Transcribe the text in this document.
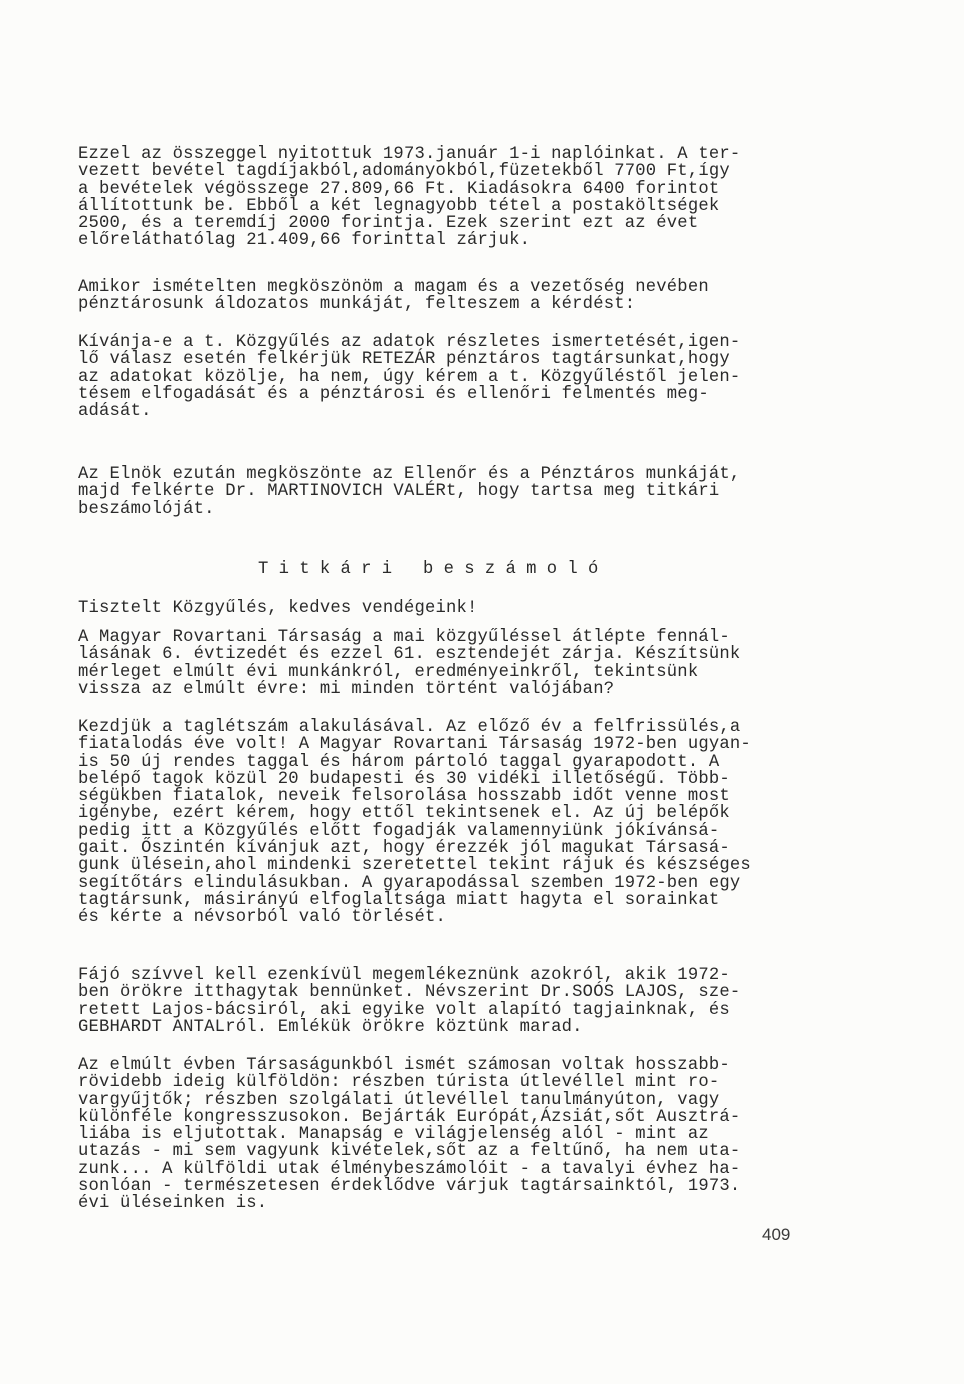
Ezzel az összeggel nyitottuk 1973.január 1-i naplóinkat. A ter-
vezett bevétel tagdíjakból,adományokból,füzetekből 7700 Ft,így
a bevételek végösszege 27.809,66 Ft. Kiadásokra 6400 forintot
állítottunk be. Ebből a két legnagyobb tétel a postaköltségek
2500, és a teremdíj 2000 forintja. Ezek szerint ezt az évet
előreláthatólag 21.409,66 forinttal zárjuk.
Amikor ismételten megköszönöm a magam és a vezetőség nevében
pénztárosunk áldozatos munkáját, felteszem a kérdést:
Kívánja-e a t. Közgyűlés az adatok részletes ismertetését,igen-
lő válasz esetén felkérjük RETEZÁR pénztáros tagtársunkat,hogy
az adatokat közölje, ha nem, úgy kérem a t. Közgyűléstől jelen-
tésem elfogadását és a pénztárosi és ellenőri felmentés meg-
adását.
Az Elnök ezután megköszönte az Ellenőr és a Pénztáros munkáját,
majd felkérte Dr. MARTINOVICH VALÉRt, hogy tartsa meg titkári
beszámolóját.
T i t k á r i   b e s z á m o l ó
Tisztelt Közgyűlés, kedves vendégeink!
A Magyar Rovartani Társaság a mai közgyűléssel átlépte fennál-
lásának 6. évtizedét és ezzel 61. esztendejét zárja. Készítsünk
mérleget elmúlt évi munkánkról, eredményeinkről, tekintsünk
vissza az elmúlt évre: mi minden történt valójában?
Kezdjük a taglétszám alakulásával. Az előző év a felfrissülés,a
fiatalodás éve volt! A Magyar Rovartani Társaság 1972-ben ugyan-
is 50 új rendes taggal és három pártoló taggal gyarapodott. A
belépő tagok közül 20 budapesti és 30 vidéki illetőségű. Több-
ségükben fiatalok, neveik felsorolása hosszabb időt venne most
igénybe, ezért kérem, hogy ettől tekintsenek el. Az új belépők
pedig itt a Közgyűlés előtt fogadják valamennyiünk jókívánsá-
gait. Őszintén kívánjuk azt, hogy érezzék jól magukat Társasá-
gunk ülésein,ahol mindenki szeretettel tekint rájuk és készséges
segítőtárs elindulásukban. A gyarapodással szemben 1972-ben egy
tagtársunk, másirányú elfoglaltsága miatt hagyta el sorainkat
és kérte a névsorból való törlését.
Fájó szívvel kell ezenkívül megemlékeznünk azokról, akik 1972-
ben örökre itthagytak bennünket. Névszerint Dr.SOÓS LAJOS, sze-
retett Lajos-bácsiról, aki egyike volt alapító tagjainknak, és
GEBHARDT ANTALról. Emlékük örökre köztünk marad.
Az elmúlt évben Társaságunkból ismét számosan voltak hosszabb-
rövidebb ideig külföldön: részben túrista útlevéllel mint ro-
vargyűjtők; részben szolgálati útlevéllel tanulmányúton, vagy
különféle kongresszusokon. Bejárták Európát,Ázsiát,sőt Ausztrá-
liába is eljutottak. Manapság e világjelenség alól - mint az
utazás - mi sem vagyunk kivételek,sőt az a feltűnő, ha nem uta-
zunk... A külföldi utak élménybeszámolóit - a tavalyi évhez ha-
sonlóan - természetesen érdeklődve várjuk tagtársainktól, 1973.
évi üléseinken is.
409
